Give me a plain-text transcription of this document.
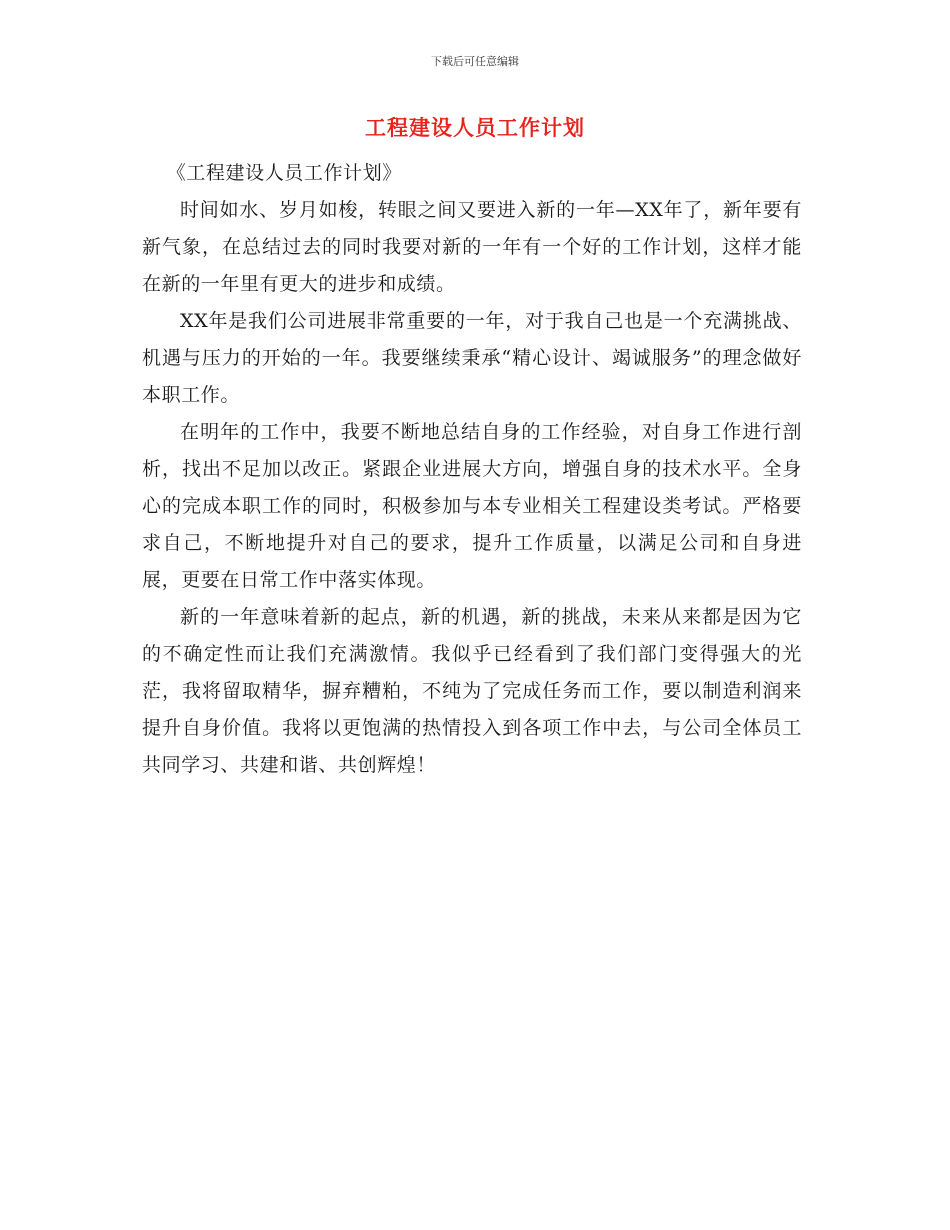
下载后可任意编辑
工程建设人员工作计划

《工程建设人员工作计划》

时间如水、岁月如梭，转眼之间又要进入新的一年—XX年了，新年要有新气象，在总结过去的同时我要对新的一年有一个好的工作计划，这样才能在新的一年里有更大的进步和成绩。

XX年是我们公司进展非常重要的一年，对于我自己也是一个充满挑战、机遇与压力的开始的一年。我要继续秉承“精心设计、竭诚服务”的理念做好本职工作。

在明年的工作中，我要不断地总结自身的工作经验，对自身工作进行剖析，找出不足加以改正。紧跟企业进展大方向，增强自身的技术水平。全身心的完成本职工作的同时，积极参加与本专业相关工程建设类考试。严格要求自己，不断地提升对自己的要求，提升工作质量，以满足公司和自身进展，更要在日常工作中落实体现。

新的一年意味着新的起点，新的机遇，新的挑战，未来从来都是因为它的不确定性而让我们充满激情。我似乎已经看到了我们部门变得强大的光茫，我将留取精华，摒弃糟粕，不纯为了完成任务而工作，要以制造利润来提升自身价值。我将以更饱满的热情投入到各项工作中去，与公司全体员工共同学习、共建和谐、共创辉煌！
